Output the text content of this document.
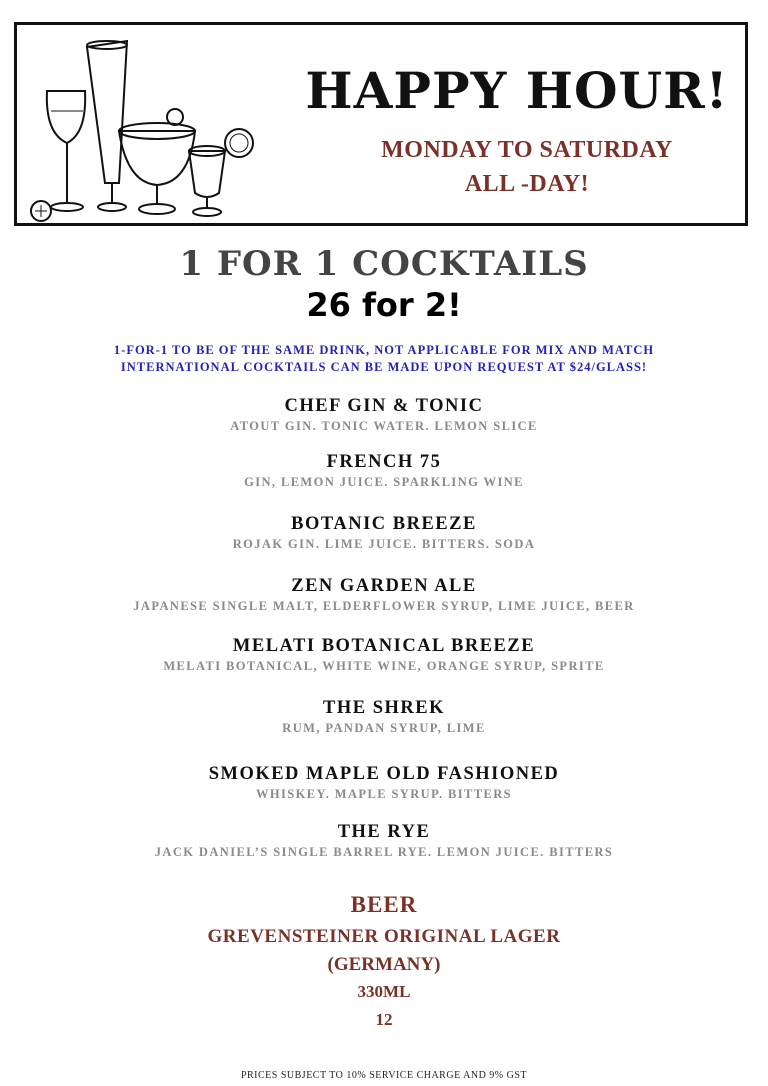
HAPPY HOUR!
MONDAY TO SATURDAY
ALL -DAY!
1 FOR 1 COCKTAILS
26 for 2!
1-FOR-1 TO BE OF THE SAME DRINK, NOT APPLICABLE FOR MIX AND MATCH
INTERNATIONAL COCKTAILS CAN BE MADE UPON REQUEST AT $24/GLASS!
CHEF GIN & TONIC
ATOUT GIN. TONIC WATER. LEMON SLICE
FRENCH 75
GIN, LEMON JUICE. SPARKLING WINE
BOTANIC BREEZE
ROJAK GIN. LIME JUICE. BITTERS. SODA
ZEN GARDEN ALE
JAPANESE SINGLE MALT, ELDERFLOWER SYRUP, LIME JUICE, BEER
MELATI BOTANICAL BREEZE
MELATI BOTANICAL, WHITE WINE, ORANGE SYRUP, SPRITE
THE SHREK
RUM, PANDAN SYRUP, LIME
SMOKED MAPLE OLD FASHIONED
WHISKEY. MAPLE SYRUP. BITTERS
THE RYE
JACK DANIEL’S SINGLE BARREL RYE. LEMON JUICE. BITTERS
BEER
GREVENSTEINER ORIGINAL LAGER
(GERMANY)
330ML
12
PRICES SUBJECT TO 10% SERVICE CHARGE AND 9% GST
